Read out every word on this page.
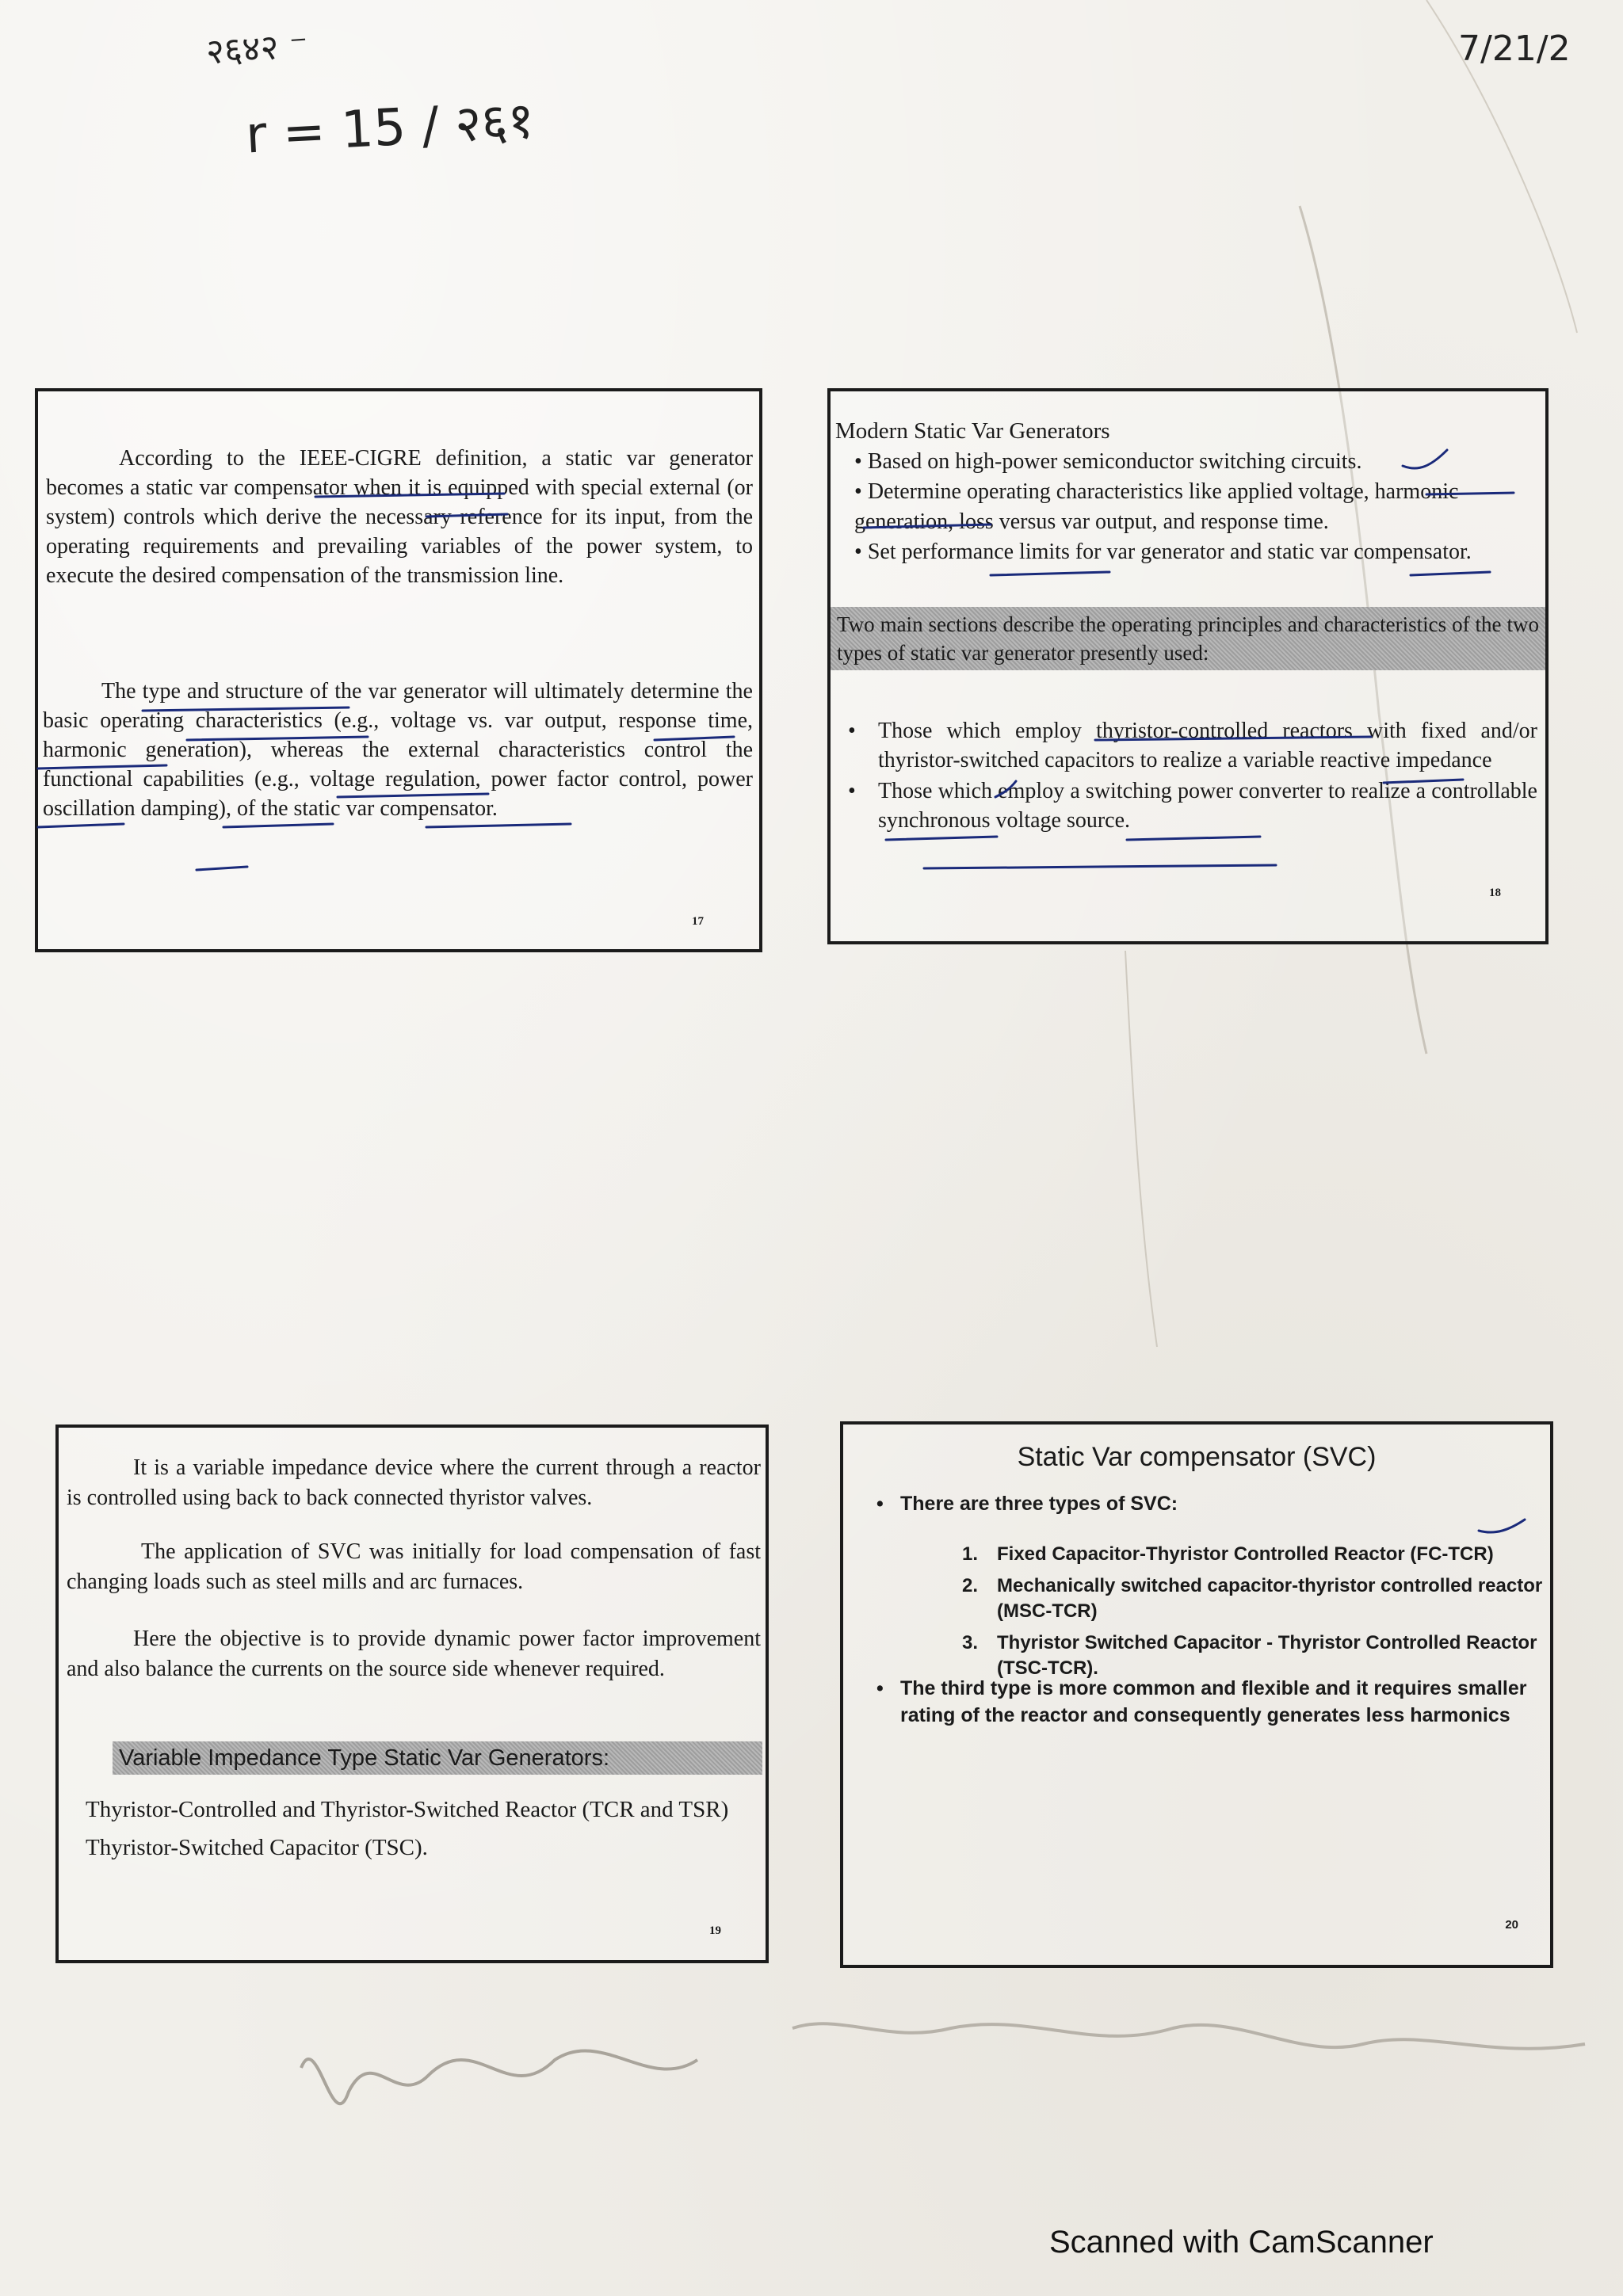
२६४२ ⁻
r = 15 / २६१
7/21/2

According to the IEEE-CIGRE definition, a static var generator becomes a static var compensator when it is equipped with special external (or system) controls which derive the necessary reference for its input, from the operating requirements and prevailing variables of the power system, to execute the desired compensation of the transmission line.

The type and structure of the var generator will ultimately determine the basic operating characteristics (e.g., voltage vs. var output, response time, harmonic generation), whereas the external characteristics control the functional capabilities (e.g., voltage regulation, power factor control, power oscillation damping), of the static var compensator.

17
Modern Static Var Generators
• Based on high-power semiconductor switching circuits.
• Determine operating characteristics like applied voltage, harmonic generation, loss versus var output, and response time.
• Set performance limits for var generator and static var compensator.

Two main sections describe the operating principles and characteristics of the two types of static var generator presently used:

•	Those which employ thyristor-controlled reactors with fixed and/or thyristor-switched capacitors to realize a variable reactive impedance
•	Those which employ a switching power converter to realize a controllable synchronous voltage source.
18

It is a variable impedance device where the current through a reactor is controlled using back to back connected thyristor valves.

The application of SVC was initially for load compensation of fast changing loads such as steel mills and arc furnaces.

Here the objective is to provide dynamic power factor improvement and also balance the currents on the source side whenever required.

Variable Impedance Type Static Var Generators:
Thyristor-Controlled and Thyristor-Switched Reactor (TCR and TSR)
Thyristor-Switched Capacitor (TSC).
19
Static Var compensator (SVC)
• There are three types of SVC:
1. Fixed Capacitor-Thyristor Controlled Reactor (FC-TCR)
2. Mechanically switched capacitor-thyristor controlled reactor (MSC-TCR)
3. Thyristor Switched Capacitor - Thyristor Controlled Reactor (TSC-TCR).
• The third type is more common and flexible and it requires smaller rating of the reactor and consequently generates less harmonics
20
Scanned with CamScanner
